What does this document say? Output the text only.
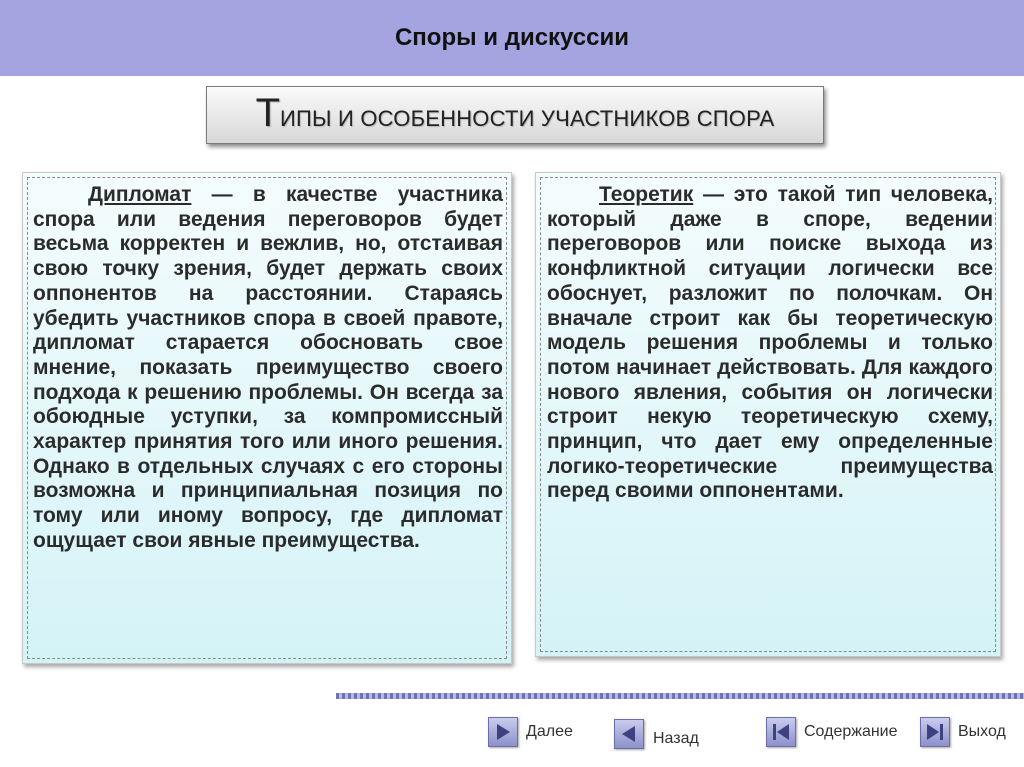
Споры и дискуссии
Т ИПЫ И ОСОБЕННОСТИ УЧАСТНИКОВ СПОРА

Дипломат — в качестве участника спора или ведения переговоров будет весьма корректен и вежлив, но, отстаивая свою точку зрения, будет держать своих оппонентов на расстоянии. Стараясь убедить участников спора в своей правоте, дипломат старается обосновать свое мнение, показать преимущество своего подхода к решению проблемы. Он всегда за обоюдные уступки, за компромиссный характер принятия того или иного решения. Однако в отдельных случаях с его стороны возможна и принципиальная позиция по тому или иному вопросу, где дипломат ощущает свои явные преимущества.

Теоретик — это такой тип человека, который даже в споре, ведении переговоров или поиске выхода из конфликтной ситуации логически все обоснует, разложит по полочкам. Он вначале строит как бы теоретическую модель решения проблемы и только потом начинает действовать. Для каждого нового явления, события он логически строит некую теоретическую схему, принцип, что дает ему определенные логико-теоретические преимущества перед своими оппонентами.

Далее	Назад	Содержание	Выход
